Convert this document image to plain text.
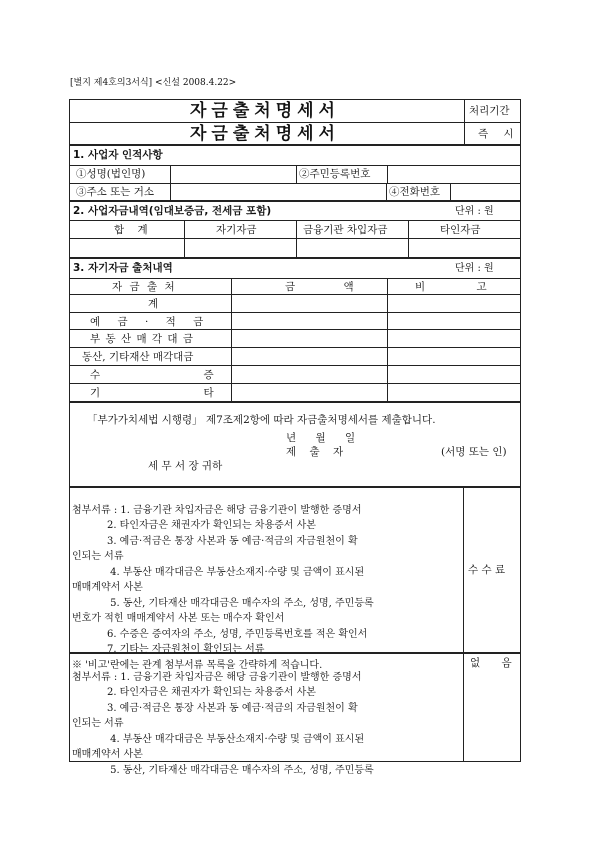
[별지 제4호의3서식] <신설 2008.4.22>
자금출처명세서
자금출처명세서
처리기간
즉 시
1. 사업자 인적사항
①성명(법인명)	②주민등록번호
③주소 또는 거소	④전화번호
2. 사업자금내역(임대보증금, 전세금 포함)	단위 : 원
합 계	자기자금	금융기관 차입자금	타인자금
3. 자기자금 출처내역	단위 : 원
자 금 출 처	금 액	비 고
계
예 금 · 적 금
부 동 산 매 각 대 금
동산, 기타재산 매각대금
수 증
기 타
「부가가치세법 시행령」 제7조제2항에 따라 자금출처명세서를 제출합니다.
년 월 일
제 출 자	(서명 또는 인)
세 무 서 장 귀하

첨부서류 : 1. 금융기관 차입자금은 해당 금융기관이 발행한 증명서
2. 타인자금은 채권자가 확인되는 차용증서 사본
3. 예금·적금은 통장 사본과 동 예금·적금의 자금원천이 확
인되는 서류
4. 부동산 매각대금은 부동산소재지·수량 및 금액이 표시된
매매계약서 사본
5. 동산, 기타재산 매각대금은 매수자의 주소, 성명, 주민등록
번호가 적힌 매매계약서 사본 또는 매수자 확인서
6. 수증은 증여자의 주소, 성명, 주민등록번호를 적은 확인서
7. 기타는 자금원천이 확인되는 서류
※ '비고'란에는 관계 첨부서류 목록을 간략하게 적습니다.

수 수 료

첨부서류 : 1. 금융기관 차입자금은 해당 금융기관이 발행한 증명서
2. 타인자금은 채권자가 확인되는 차용증서 사본
3. 예금·적금은 통장 사본과 동 예금·적금의 자금원천이 확
인되는 서류
4. 부동산 매각대금은 부동산소재지·수량 및 금액이 표시된
매매계약서 사본
5. 동산, 기타재산 매각대금은 매수자의 주소, 성명, 주민등록

없 음
